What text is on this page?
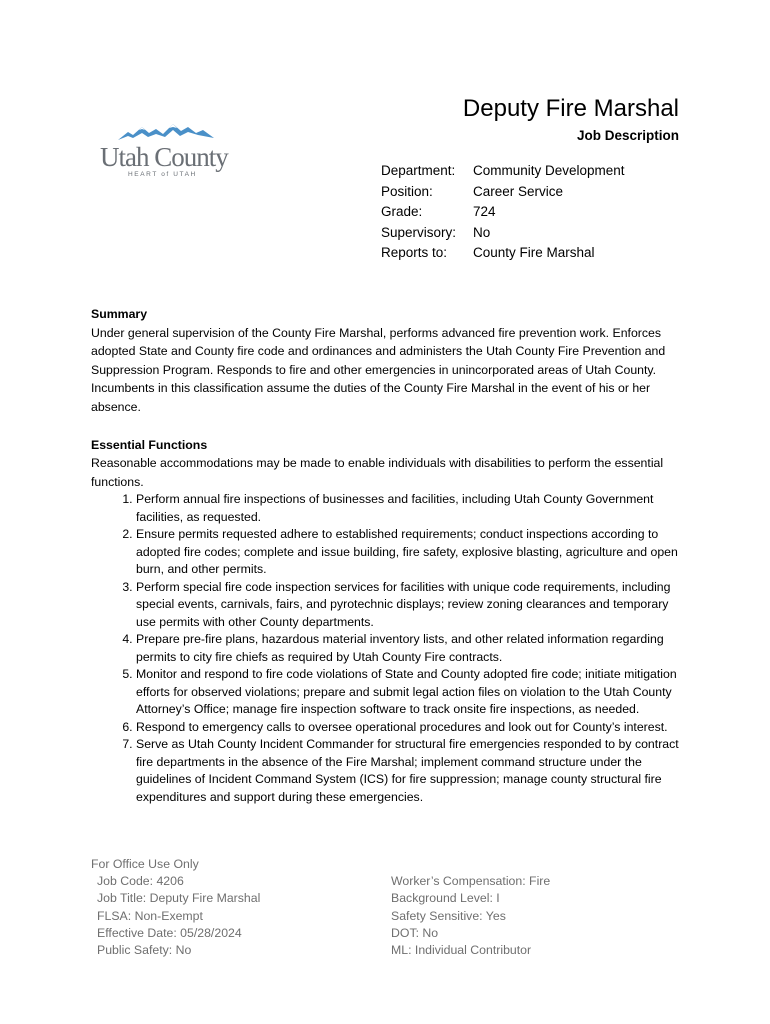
Utah County
HEART of UTAH
Deputy Fire Marshal
Job Description
Department:	Community Development
Position:	Career Service
Grade:	724
Supervisory:	No
Reports to:	County Fire Marshal
Summary

Under general supervision of the County Fire Marshal, performs advanced fire prevention work. Enforces adopted State and County fire code and ordinances and administers the Utah County Fire Prevention and Suppression Program. Responds to fire and other emergencies in unincorporated areas of Utah County. Incumbents in this classification assume the duties of the County Fire Marshal in the event of his or her absence.

Essential Functions

Reasonable accommodations may be made to enable individuals with disabilities to perform the essential functions.

1. Perform annual fire inspections of businesses and facilities, including Utah County Government facilities, as requested.
2. Ensure permits requested adhere to established requirements; conduct inspections according to adopted fire codes; complete and issue building, fire safety, explosive blasting, agriculture and open burn, and other permits.
3. Perform special fire code inspection services for facilities with unique code requirements, including special events, carnivals, fairs, and pyrotechnic displays; review zoning clearances and temporary use permits with other County departments.
4. Prepare pre-fire plans, hazardous material inventory lists, and other related information regarding permits to city fire chiefs as required by Utah County Fire contracts.
5. Monitor and respond to fire code violations of State and County adopted fire code; initiate mitigation efforts for observed violations; prepare and submit legal action files on violation to the Utah County Attorney’s Office; manage fire inspection software to track onsite fire inspections, as needed.
6. Respond to emergency calls to oversee operational procedures and look out for County’s interest.
7. Serve as Utah County Incident Commander for structural fire emergencies responded to by contract fire departments in the absence of the Fire Marshal; implement command structure under the guidelines of Incident Command System (ICS) for fire suppression; manage county structural fire expenditures and support during these emergencies.
For Office Use Only
Job Code: 4206
Job Title: Deputy Fire Marshal
FLSA: Non-Exempt
Effective Date: 05/28/2024
Public Safety: No
Worker’s Compensation: Fire
Background Level: I
Safety Sensitive: Yes
DOT: No
ML: Individual Contributor
